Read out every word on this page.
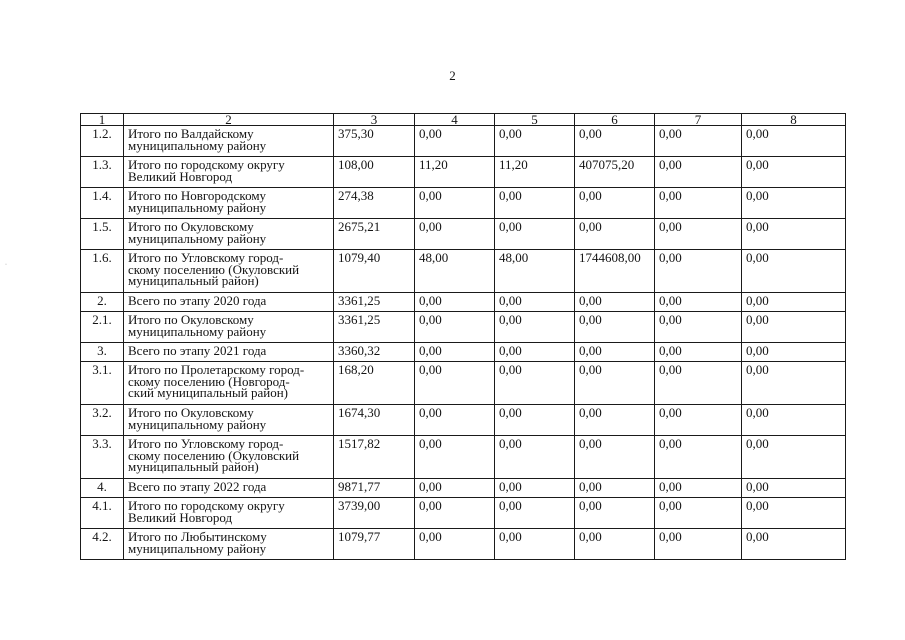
2
·
1	2	3	4	5	6	7	8
1.2.	Итого по Валдайскому
муниципальному району	375,30	0,00	0,00	0,00	0,00	0,00
1.3.	Итого по городскому округу
Великий Новгород	108,00	11,20	11,20	407075,20	0,00	0,00
1.4.	Итого по Новгородскому
муниципальному району	274,38	0,00	0,00	0,00	0,00	0,00
1.5.	Итого по Окуловскому
муниципальному району	2675,21	0,00	0,00	0,00	0,00	0,00
1.6.	Итого по Угловскому город-
скому поселению (Окуловский
муниципальный район)	1079,40	48,00	48,00	1744608,00	0,00	0,00
2.	Всего по этапу 2020 года	3361,25	0,00	0,00	0,00	0,00	0,00
2.1.	Итого по Окуловскому
муниципальному району	3361,25	0,00	0,00	0,00	0,00	0,00
3.	Всего по этапу 2021 года	3360,32	0,00	0,00	0,00	0,00	0,00
3.1.	Итого по Пролетарскому город-
скому поселению (Новгород-
ский муниципальный район)	168,20	0,00	0,00	0,00	0,00	0,00
3.2.	Итого по Окуловскому
муниципальному району	1674,30	0,00	0,00	0,00	0,00	0,00
3.3.	Итого по Угловскому город-
скому поселению (Окуловский
муниципальный район)	1517,82	0,00	0,00	0,00	0,00	0,00
4.	Всего по этапу 2022 года	9871,77	0,00	0,00	0,00	0,00	0,00
4.1.	Итого по городскому округу
Великий Новгород	3739,00	0,00	0,00	0,00	0,00	0,00
4.2.	Итого по Любытинскому
муниципальному району	1079,77	0,00	0,00	0,00	0,00	0,00
